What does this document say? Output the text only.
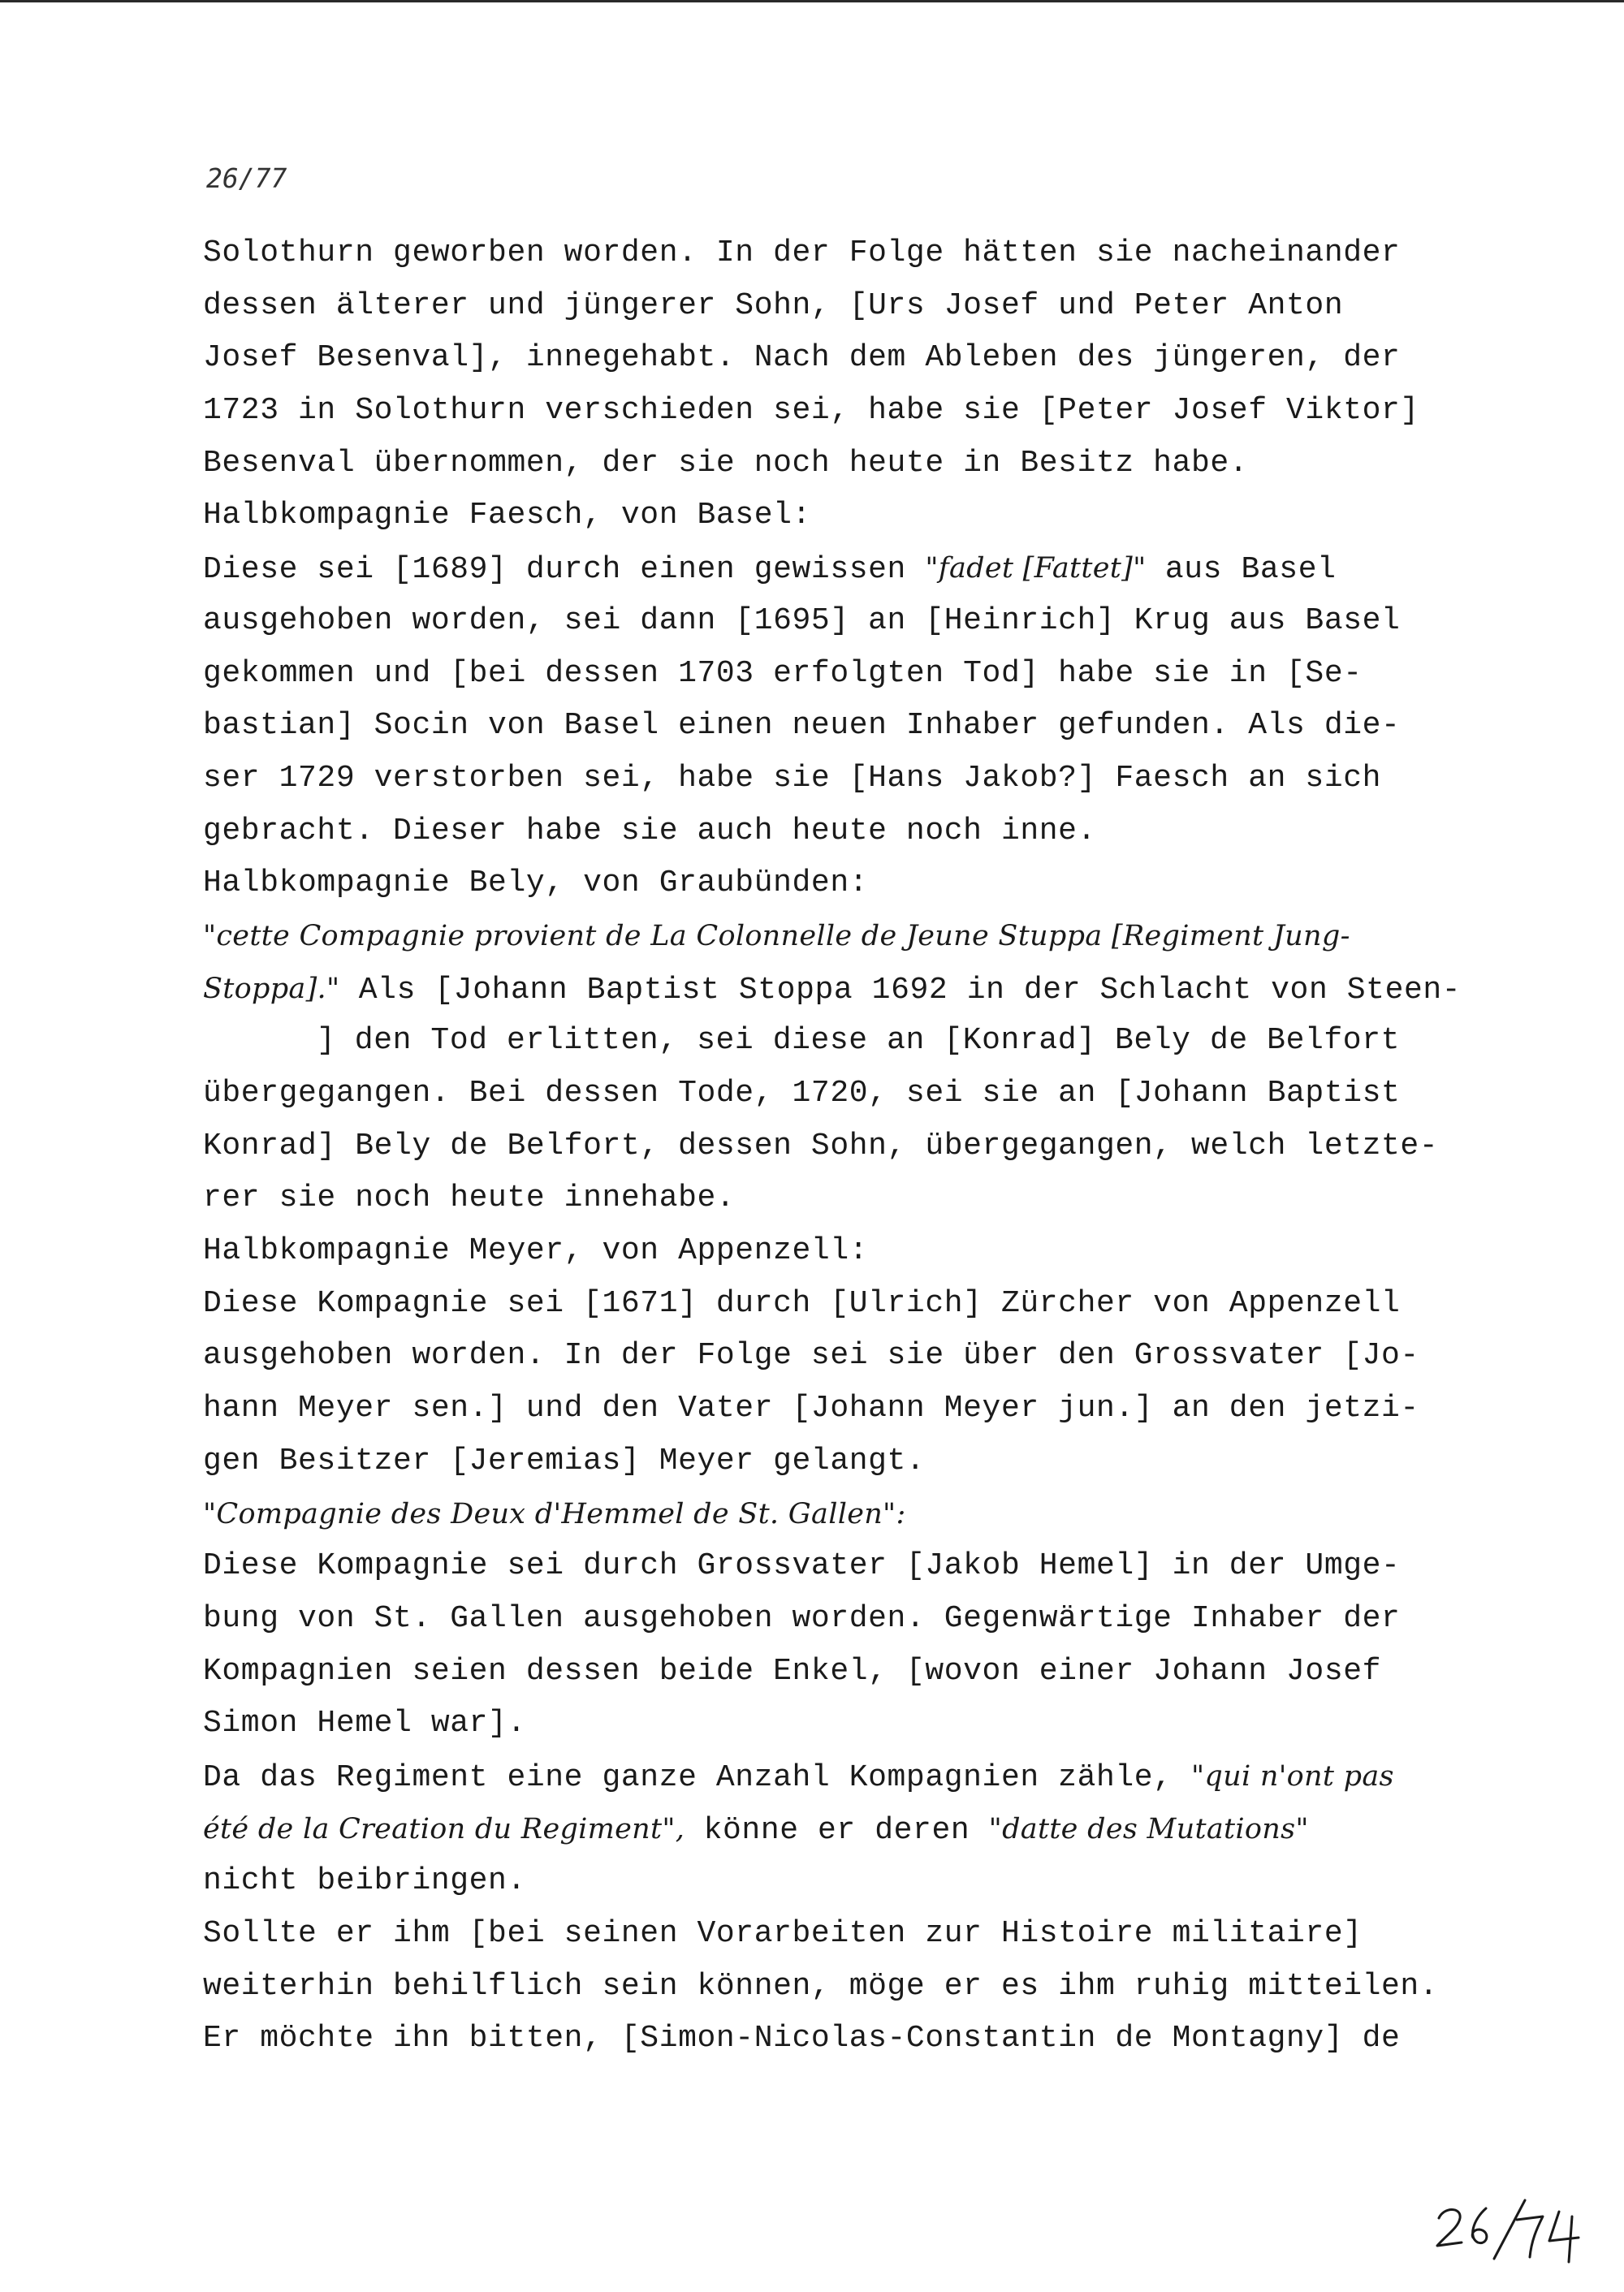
26/77
Solothurn geworben worden. In der Folge hätten sie nacheinander
dessen älterer und jüngerer Sohn, [Urs Josef und Peter Anton
Josef Besenval], innegehabt. Nach dem Ableben des jüngeren, der
1723 in Solothurn verschieden sei, habe sie [Peter Josef Viktor]
Besenval übernommen, der sie noch heute in Besitz habe.
Halbkompagnie Faesch, von Basel:
Diese sei [1689] durch einen gewissen "fadet [Fattet]" aus Basel
ausgehoben worden, sei dann [1695] an [Heinrich] Krug aus Basel
gekommen und [bei dessen 1703 erfolgten Tod] habe sie in [Se-
bastian] Socin von Basel einen neuen Inhaber gefunden. Als die-
ser 1729 verstorben sei, habe sie [Hans Jakob?] Faesch an sich
gebracht. Dieser habe sie auch heute noch inne.
Halbkompagnie Bely, von Graubünden:
"cette Compagnie provient de La Colonnelle de Jeune Stuppa [Regiment Jung-
Stoppa]." Als [Johann Baptist Stoppa 1692 in der Schlacht von Steen-
] den Tod erlitten, sei diese an [Konrad] Bely de Belfort
übergegangen. Bei dessen Tode, 1720, sei sie an [Johann Baptist
Konrad] Bely de Belfort, dessen Sohn, übergegangen, welch letzte-
rer sie noch heute innehabe.
Halbkompagnie Meyer, von Appenzell:
Diese Kompagnie sei [1671] durch [Ulrich] Zürcher von Appenzell
ausgehoben worden. In der Folge sei sie über den Grossvater [Jo-
hann Meyer sen.] und den Vater [Johann Meyer jun.] an den jetzi-
gen Besitzer [Jeremias] Meyer gelangt.
"Compagnie des Deux d'Hemmel de St. Gallen":
Diese Kompagnie sei durch Grossvater [Jakob Hemel] in der Umge-
bung von St. Gallen ausgehoben worden. Gegenwärtige Inhaber der
Kompagnien seien dessen beide Enkel, [wovon einer Johann Josef
Simon Hemel war].
Da das Regiment eine ganze Anzahl Kompagnien zähle, "qui n'ont pas
été de la Creation du Regiment", könne er deren "datte des Mutations"
nicht beibringen.
Sollte er ihm [bei seinen Vorarbeiten zur Histoire militaire]
weiterhin behilflich sein können, möge er es ihm ruhig mitteilen.
Er möchte ihn bitten, [Simon-Nicolas-Constantin de Montagny] de
